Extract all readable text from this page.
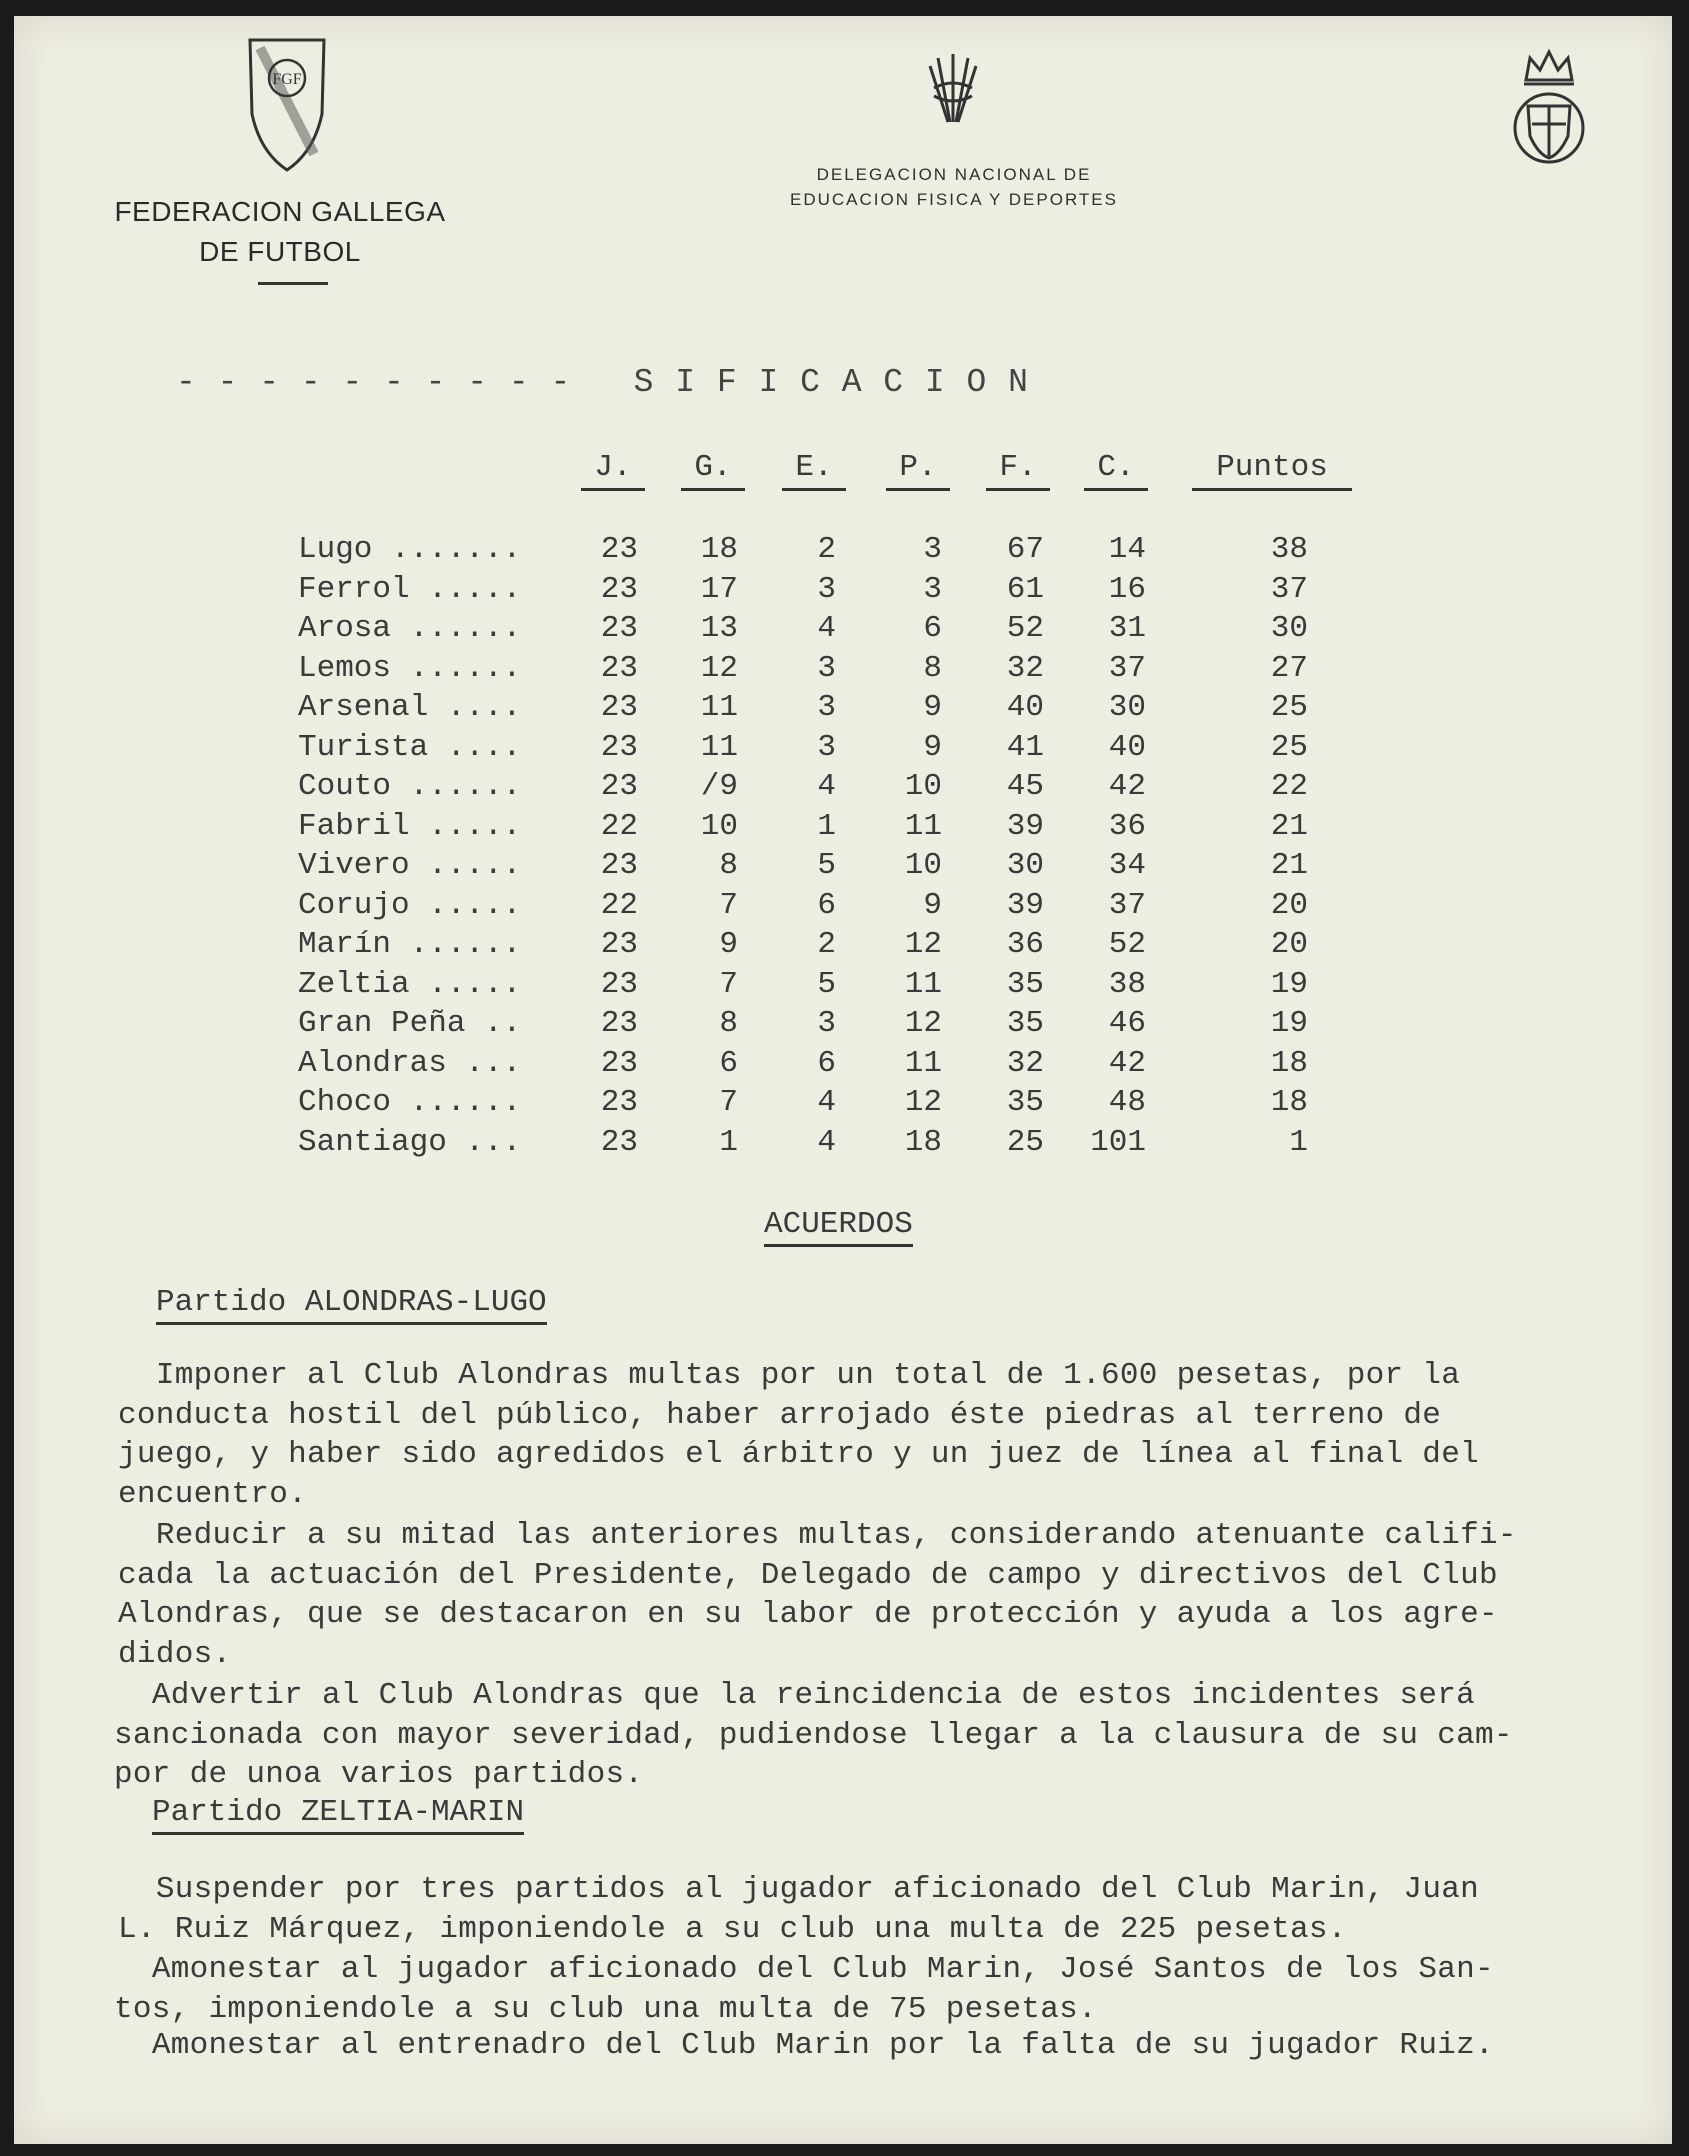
FGF
FEDERACION GALLEGA
DE FUTBOL
DELEGACION NACIONAL DE
EDUCACION FISICA Y DEPORTES
- - - - - - - - - -   S I F I C A C I O N
J.	G.	E.	P.	F.	C.	Puntos
Lugo .......	23	18	2	3	67	14	38
Ferrol .....	23	17	3	3	61	16	37
Arosa ......	23	13	4	6	52	31	30
Lemos ......	23	12	3	8	32	37	27
Arsenal ....	23	11	3	9	40	30	25
Turista ....	23	11	3	9	41	40	25
Couto ......	23	/9	4	10	45	42	22
Fabril .....	22	10	1	11	39	36	21
Vivero .....	23	8	5	10	30	34	21
Corujo .....	22	7	6	9	39	37	20
Marín ......	23	9	2	12	36	52	20
Zeltia .....	23	7	5	11	35	38	19
Gran Peña ..	23	8	3	12	35	46	19
Alondras ...	23	6	6	11	32	42	18
Choco ......	23	7	4	12	35	48	18
Santiago ...	23	1	4	18	25 101	1
ACUERDOS
Partido ALONDRAS-LUGO
Imponer al Club Alondras multas por un total de 1.600 pesetas, por la
conducta hostil del público, haber arrojado éste piedras al terreno de
juego, y haber sido agredidos el árbitro y un juez de línea al final del
encuentro.
Reducir a su mitad las anteriores multas, considerando atenuante califi-
cada la actuación del Presidente, Delegado de campo y directivos del Club
Alondras, que se destacaron en su labor de protección y ayuda a los agre-
didos.
Advertir al Club Alondras que la reincidencia de estos incidentes será
sancionada con mayor severidad, pudiendose llegar a la clausura de su cam-
por de unoa varios partidos.
Partido ZELTIA-MARIN
Suspender por tres partidos al jugador aficionado del Club Marin, Juan
L. Ruiz Márquez, imponiendole a su club una multa de 225 pesetas.
Amonestar al jugador aficionado del Club Marin, José Santos de los San-
tos, imponiendole a su club una multa de 75 pesetas.
Amonestar al entrenadro del Club Marin por la falta de su jugador Ruiz.
